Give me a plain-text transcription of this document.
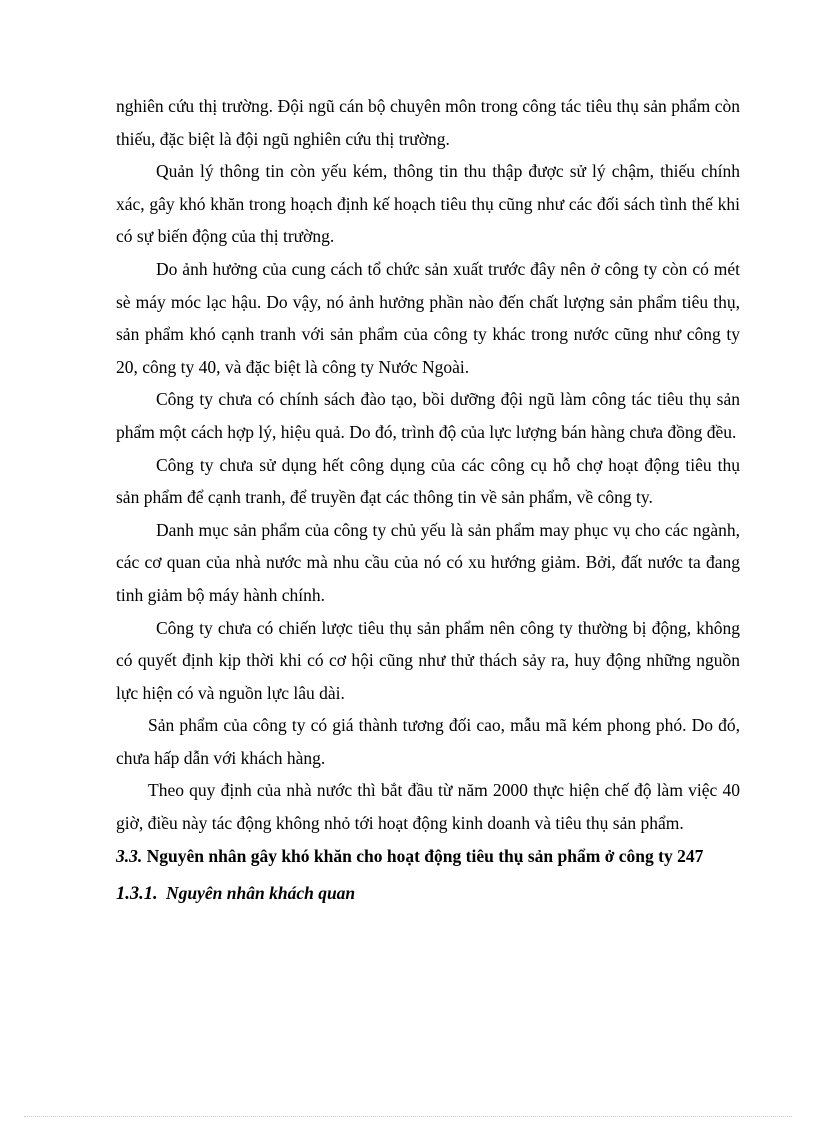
nghiên cứu thị trường. Đội ngũ cán bộ chuyên môn trong công tác tiêu thụ sản phẩm còn thiếu, đặc biệt là đội ngũ nghiên cứu thị trường.

Quản lý thông tin còn yếu kém, thông tin thu thập được sử lý chậm, thiếu chính xác, gây khó khăn trong hoạch định kế hoạch tiêu thụ cũng như các đối sách tình thế khi có sự biến động của thị trường.

Do ảnh hưởng của cung cách tổ chức sản xuất trước đây nên ở công ty còn có mét sè máy móc lạc hậu. Do vậy, nó ảnh hưởng phần nào đến chất lượng sản phẩm tiêu thụ, sản phẩm khó cạnh tranh với sản phẩm của công ty khác trong nước cũng như công ty 20, công ty 40, và đặc biệt là công ty Nước Ngoài.

Công ty chưa có chính sách đào tạo, bồi dưỡng đội ngũ làm công tác tiêu thụ sản phẩm một cách hợp lý, hiệu quả. Do đó, trình độ của lực lượng bán hàng chưa đồng đều.

Công ty chưa sử dụng hết công dụng của các công cụ hỗ chợ hoạt động tiêu thụ sản phẩm để cạnh tranh, để truyền đạt các thông tin về sản phẩm, về công ty.

Danh mục sản phẩm của công ty chủ yếu là sản phẩm may phục vụ cho các ngành, các cơ quan của nhà nước mà nhu cầu của nó có xu hướng giảm. Bởi, đất nước ta đang tinh giảm bộ máy hành chính.

Công ty chưa có chiến lược tiêu thụ sản phẩm nên công ty thường bị động, không có quyết định kịp thời khi có cơ hội cũng như thử thách sảy ra, huy động những nguồn lực hiện có và nguồn lực lâu dài.

Sản phẩm của công ty có giá thành tương đối cao, mẫu mã kém phong phó. Do đó, chưa hấp dẫn với khách hàng.

Theo quy định của nhà nước thì bắt đầu từ năm 2000 thực hiện chế độ làm việc 40 giờ, điều này tác động không nhỏ tới hoạt động kinh doanh và tiêu thụ sản phẩm.

3.3. Nguyên nhân gây khó khăn cho hoạt động tiêu thụ sản phẩm ở công ty 247

1.3.1. Nguyên nhân khách quan
